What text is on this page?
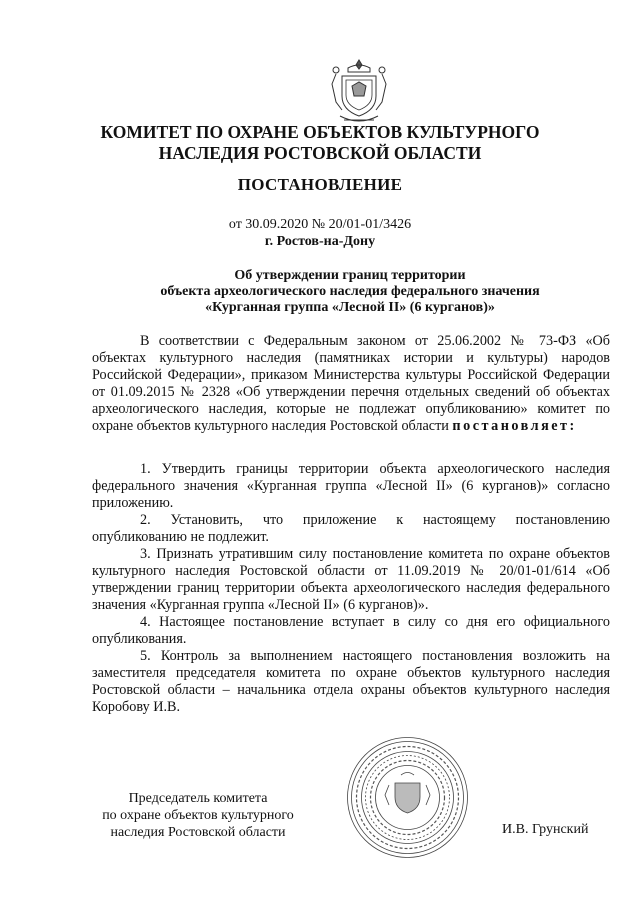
КОМИТЕТ ПО ОХРАНЕ ОБЪЕКТОВ КУЛЬТУРНОГО
НАСЛЕДИЯ РОСТОВСКОЙ ОБЛАСТИ
ПОСТАНОВЛЕНИЕ
от 30.09.2020 № 20/01-01/3426
г. Ростов-на-Дону
Об утверждении границ территории
объекта археологического наследия федерального значения
«Курганная группа «Лесной II» (6 курганов)»
В соответствии с Федеральным законом от 25.06.2002 № 73-ФЗ «Об объектах культурного наследия (памятниках истории и культуры) народов Российской Федерации», приказом Министерства культуры Российской Федерации от 01.09.2015 № 2328 «Об утверждении перечня отдельных сведений об объектах археологического наследия, которые не подлежат опубликованию» комитет по охране объектов культурного наследия Ростовской области постановляет:

1. Утвердить границы территории объекта археологического наследия федерального значения «Курганная группа «Лесной II» (6 курганов)» согласно приложению.

2. Установить, что приложение к настоящему постановлению опубликованию не подлежит.

3. Признать утратившим силу постановление комитета по охране объектов культурного наследия Ростовской области от 11.09.2019 № 20/01-01/614 «Об утверждении границ территории объекта археологического наследия федерального значения «Курганная группа «Лесной II» (6 курганов)».

4. Настоящее постановление вступает в силу со дня его официального опубликования.

5. Контроль за выполнением настоящего постановления возложить на заместителя председателя комитета по охране объектов культурного наследия Ростовской области – начальника отдела охраны объектов культурного наследия Коробову И.В.

Председатель комитета
по охране объектов культурного
наследия Ростовской области	И.В. Грунский
